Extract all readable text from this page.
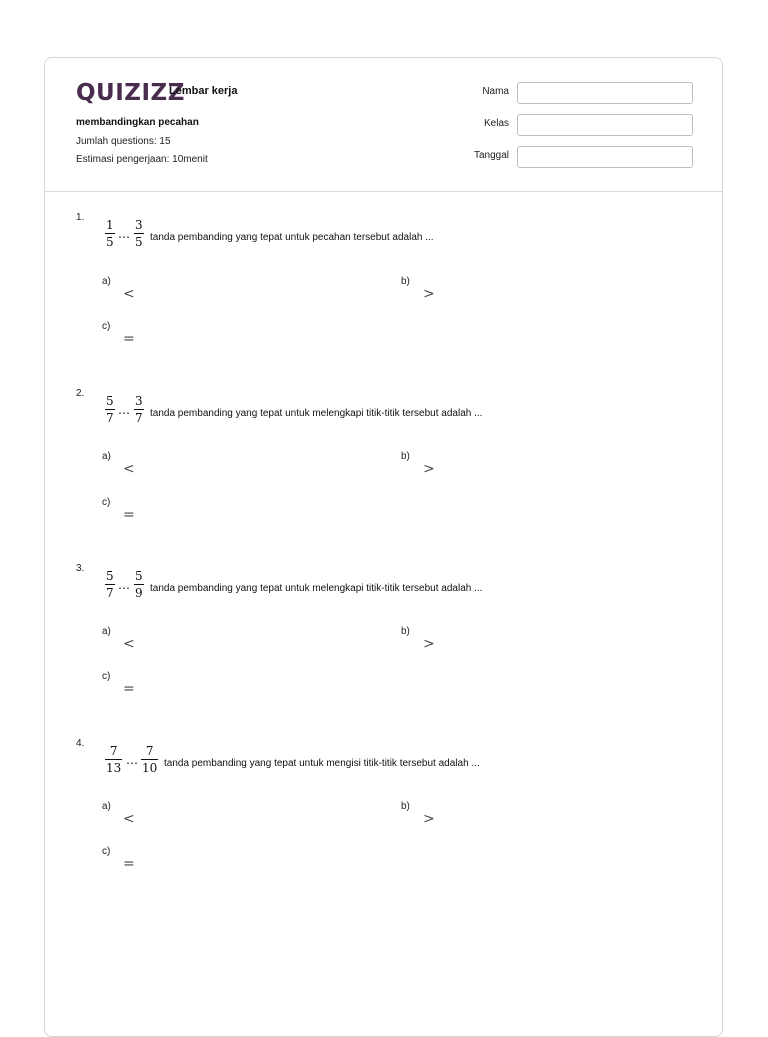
QUIZIZZ
Lembar kerja
membandingkan pecahan
Jumlah questions: 15
Estimasi pengerjaan: 10menit
Nama
Kelas
Tanggal
1.
$\frac{1}{5}$ ⋯ $\frac{3}{5}$ tanda pembanding yang tepat untuk pecahan tersebut adalah ...
a)
<
b)
>
c)
=
2.
$\frac{5}{7}$ ⋯ $\frac{3}{7}$ tanda pembanding yang tepat untuk melengkapi titik-titik tersebut adalah ...
a)
<
b)
>
c)
=
3.
$\frac{5}{7}$ ⋯ $\frac{5}{9}$ tanda pembanding yang tepat untuk melengkapi titik-titik tersebut adalah ...
a)
<
b)
>
c)
=
4.
$\frac{7}{13}$ ⋯ $\frac{7}{10}$ tanda pembanding yang tepat untuk mengisi titik-titik tersebut adalah ...
a)
<
b)
>
c)
=
